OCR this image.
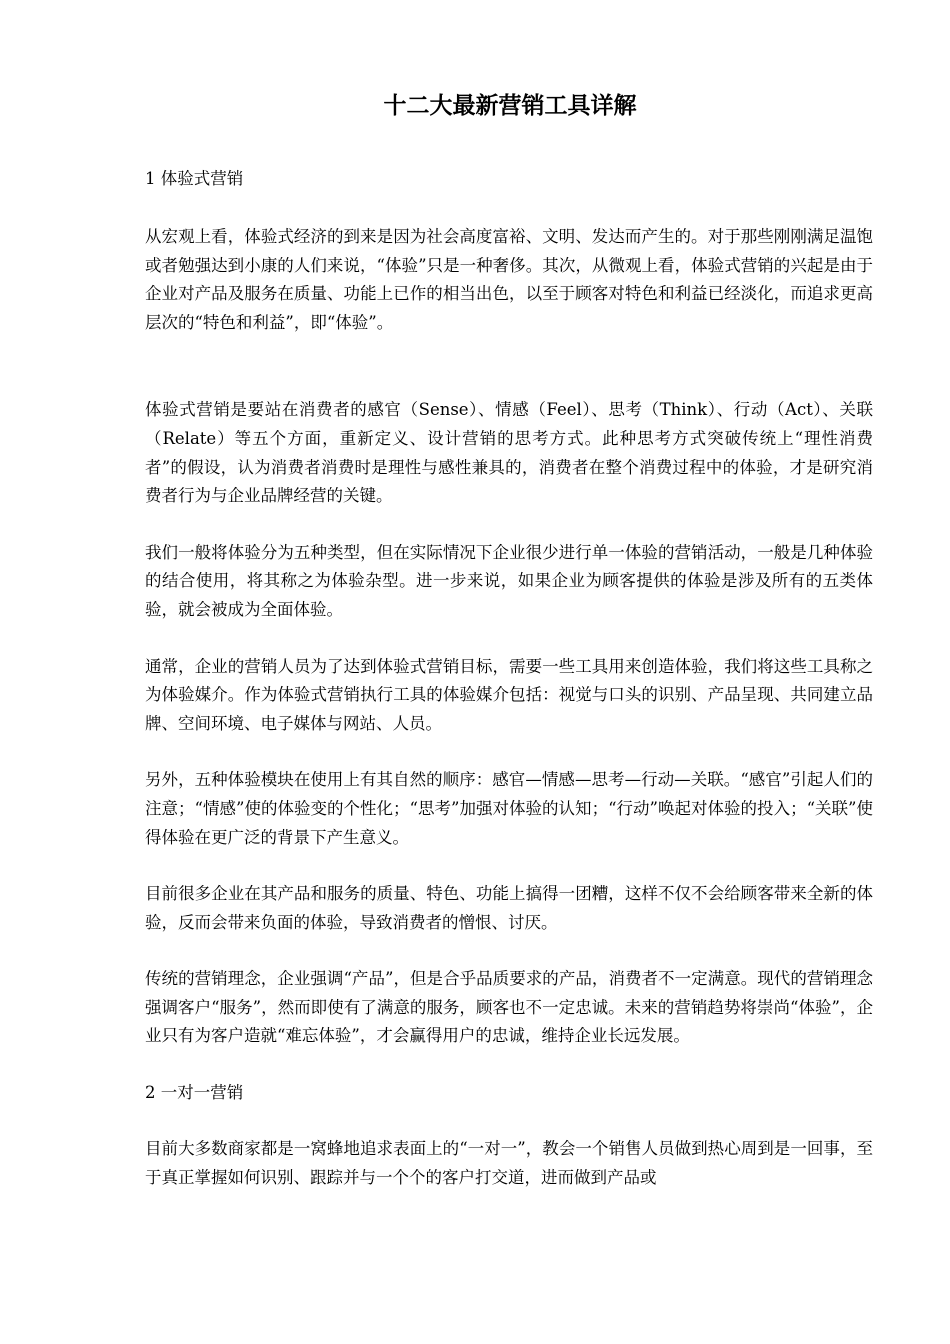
十二大最新营销工具详解

1 体验式营销

从宏观上看，体验式经济的到来是因为社会高度富裕、文明、发达而产生的。对于那些刚刚满足温饱或者勉强达到小康的人们来说，“体验”只是一种奢侈。其次，从微观上看，体验式营销的兴起是由于企业对产品及服务在质量、功能上已作的相当出色，以至于顾客对特色和利益已经淡化，而追求更高层次的“特色和利益”，即“体验”。

体验式营销是要站在消费者的感官（Sense）、情感（Feel）、思考（Think）、行动（Act）、关联（Relate）等五个方面，重新定义、设计营销的思考方式。此种思考方式突破传统上“理性消费者”的假设，认为消费者消费时是理性与感性兼具的，消费者在整个消费过程中的体验，才是研究消费者行为与企业品牌经营的关键。

我们一般将体验分为五种类型，但在实际情况下企业很少进行单一体验的营销活动，一般是几种体验的结合使用，将其称之为体验杂型。进一步来说，如果企业为顾客提供的体验是涉及所有的五类体验，就会被成为全面体验。

通常，企业的营销人员为了达到体验式营销目标，需要一些工具用来创造体验，我们将这些工具称之为体验媒介。作为体验式营销执行工具的体验媒介包括：视觉与口头的识别、产品呈现、共同建立品牌、空间环境、电子媒体与网站、人员。

另外，五种体验模块在使用上有其自然的顺序：感官—情感—思考—行动—关联。“感官”引起人们的注意；“情感”使的体验变的个性化；“思考”加强对体验的认知；“行动”唤起对体验的投入；“关联”使得体验在更广泛的背景下产生意义。

目前很多企业在其产品和服务的质量、特色、功能上搞得一团糟，这样不仅不会给顾客带来全新的体验，反而会带来负面的体验，导致消费者的憎恨、讨厌。

传统的营销理念，企业强调“产品”，但是合乎品质要求的产品，消费者不一定满意。现代的营销理念强调客户“服务”，然而即使有了满意的服务，顾客也不一定忠诚。未来的营销趋势将崇尚“体验”，企业只有为客户造就“难忘体验”，才会赢得用户的忠诚，维持企业长远发展。

2 一对一营销

目前大多数商家都是一窝蜂地追求表面上的“一对一”，教会一个销售人员做到热心周到是一回事，至于真正掌握如何识别、跟踪并与一个个的客户打交道，进而做到产品或
